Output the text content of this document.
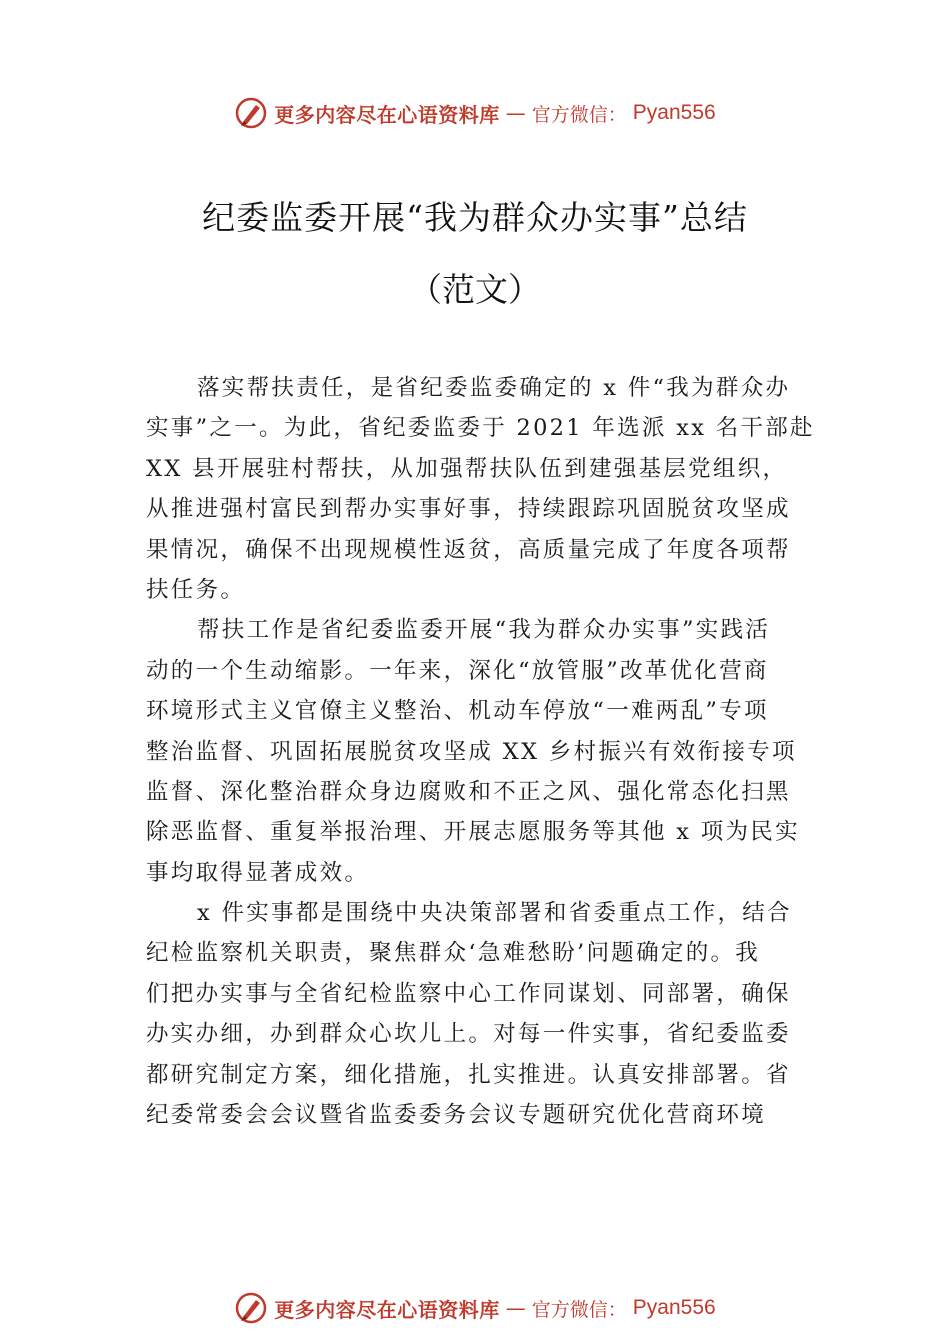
更多内容尽在心语资料库 — 官方微信： Pyan556
纪委监委开展“我为群众办实事”总结
（范文）
落实帮扶责任，是省纪委监委确定的 x 件“我为群众办
实事”之一。为此，省纪委监委于 2021 年选派 xx 名干部赴
XX 县开展驻村帮扶，从加强帮扶队伍到建强基层党组织，
从推进强村富民到帮办实事好事，持续跟踪巩固脱贫攻坚成
果情况，确保不出现规模性返贫，高质量完成了年度各项帮
扶任务。
帮扶工作是省纪委监委开展“我为群众办实事”实践活
动的一个生动缩影。一年来，深化“放管服”改革优化营商
环境形式主义官僚主义整治、机动车停放“一难两乱”专项
整治监督、巩固拓展脱贫攻坚成 XX 乡村振兴有效衔接专项
监督、深化整治群众身边腐败和不正之风、强化常态化扫黑
除恶监督、重复举报治理、开展志愿服务等其他 x 项为民实
事均取得显著成效。
x 件实事都是围绕中央决策部署和省委重点工作，结合
纪检监察机关职责，聚焦群众‘急难愁盼’问题确定的。我
们把办实事与全省纪检监察中心工作同谋划、同部署，确保
办实办细，办到群众心坎儿上。对每一件实事，省纪委监委
都研究制定方案，细化措施，扎实推进。认真安排部署。省
纪委常委会会议暨省监委委务会议专题研究优化营商环境
更多内容尽在心语资料库 — 官方微信： Pyan556
